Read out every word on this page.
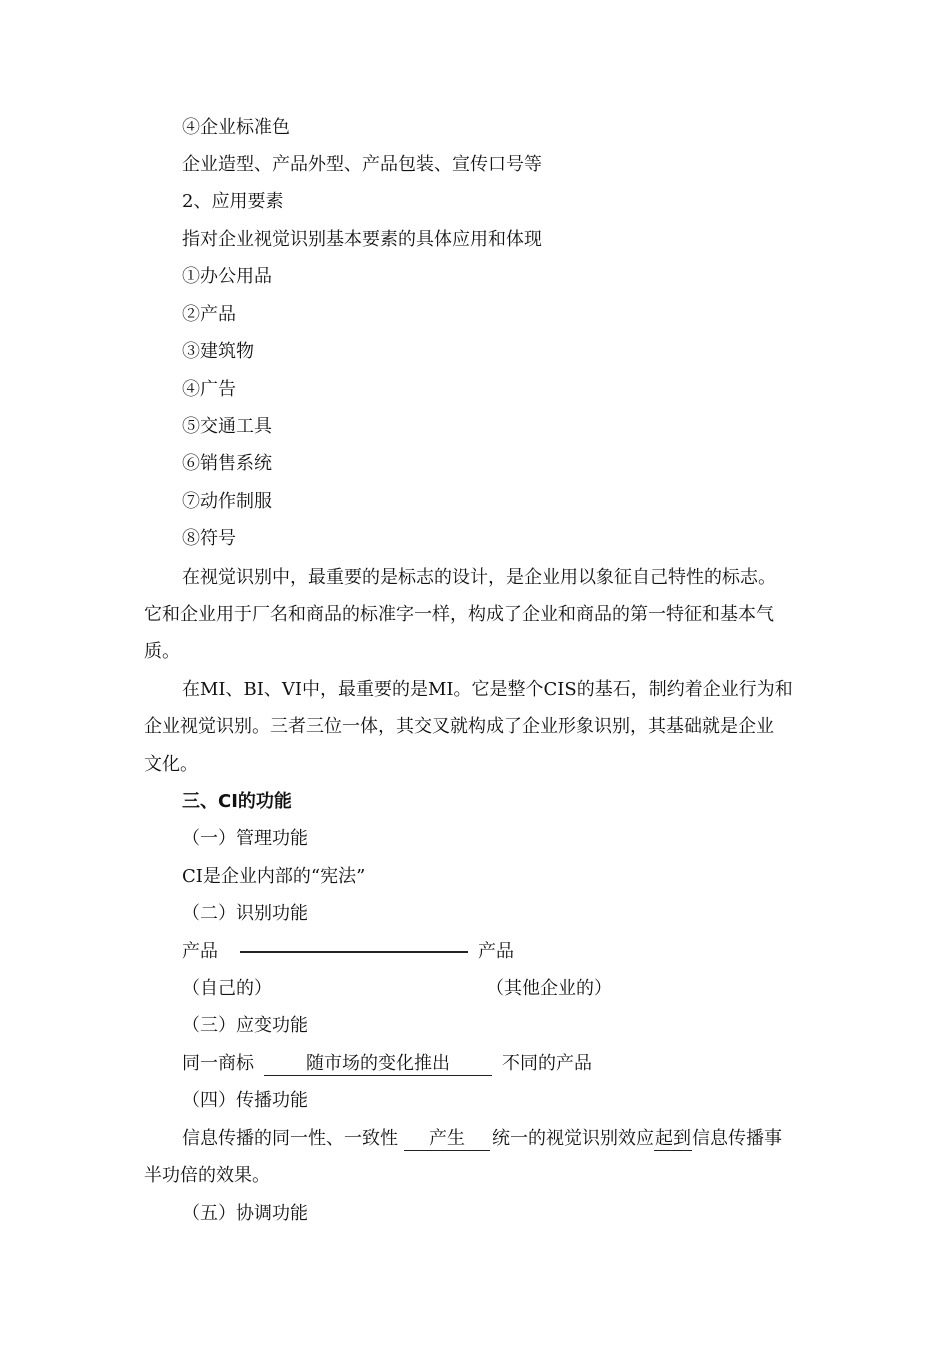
④企业标准色
企业造型、产品外型、产品包装、宣传口号等
2、应用要素
指对企业视觉识别基本要素的具体应用和体现
①办公用品
②产品
③建筑物
④广告
⑤交通工具
⑥销售系统
⑦动作制服
⑧符号
在视觉识别中，最重要的是标志的设计，是企业用以象征自己特性的标志。
它和企业用于厂名和商品的标准字一样，构成了企业和商品的第一特征和基本气
质。
在MI、BI、VI中，最重要的是MI。它是整个CIS的基石，制约着企业行为和
企业视觉识别。三者三位一体，其交叉就构成了企业形象识别，其基础就是企业
文化。
三、CI的功能
（一）管理功能
CI是企业内部的“宪法”
（二）识别功能
产品	产品
（自己的）	（其他企业的）
（三）应变功能
同一商标	随市场的变化推出	不同的产品
（四）传播功能
信息传播的同一性、一致性 产生 统一的视觉识别效应起到信息传播事
半功倍的效果。
（五）协调功能
